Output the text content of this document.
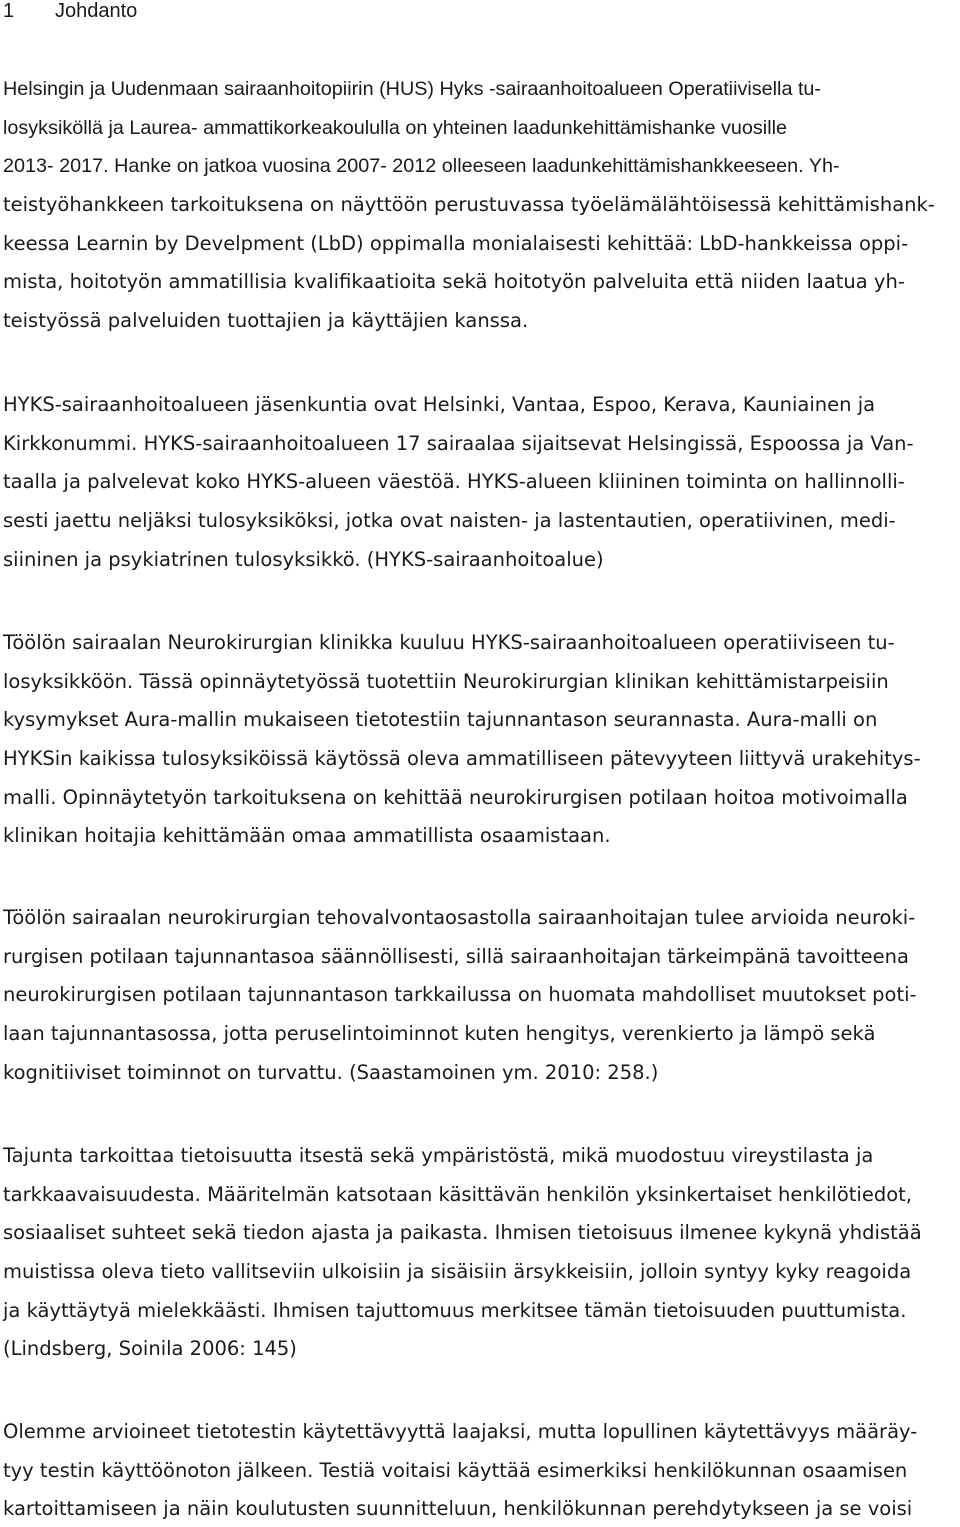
1 Johdanto
Helsingin ja Uudenmaan sairaanhoitopiirin (HUS) Hyks -sairaanhoitoalueen Operatiivisella tu-
losyksiköllä ja Laurea- ammattikorkeakoululla on yhteinen laadunkehittämishanke vuosille
2013- 2017. Hanke on jatkoa vuosina 2007- 2012 olleeseen laadunkehittämishankkeeseen. Yh-
teistyöhankkeen tarkoituksena on näyttöön perustuvassa työelämälähtöisessä kehittämishank-
keessa Learnin by Develpment (LbD) oppimalla monialaisesti kehittää: LbD-hankkeissa oppi-
mista, hoitotyön ammatillisia kvalifikaatioita sekä hoitotyön palveluita että niiden laatua yh-
teistyössä palveluiden tuottajien ja käyttäjien kanssa.
HYKS-sairaanhoitoalueen jäsenkuntia ovat Helsinki, Vantaa, Espoo, Kerava, Kauniainen ja
Kirkkonummi. HYKS-sairaanhoitoalueen 17 sairaalaa sijaitsevat Helsingissä, Espoossa ja Van-
taalla ja palvelevat koko HYKS-alueen väestöä. HYKS-alueen kliininen toiminta on hallinnolli-
sesti jaettu neljäksi tulosyksiköksi, jotka ovat naisten- ja lastentautien, operatiivinen, medi-
siininen ja psykiatrinen tulosyksikkö. (HYKS-sairaanhoitoalue)
Töölön sairaalan Neurokirurgian klinikka kuuluu HYKS-sairaanhoitoalueen operatiiviseen tu-
losyksikköön. Tässä opinnäytetyössä tuotettiin Neurokirurgian klinikan kehittämistarpeisiin
kysymykset Aura-mallin mukaiseen tietotestiin tajunnantason seurannasta. Aura-malli on
HYKSin kaikissa tulosyksiköissä käytössä oleva ammatilliseen pätevyyteen liittyvä urakehitys-
malli. Opinnäytetyön tarkoituksena on kehittää neurokirurgisen potilaan hoitoa motivoimalla
klinikan hoitajia kehittämään omaa ammatillista osaamistaan.
Töölön sairaalan neurokirurgian tehovalvontaosastolla sairaanhoitajan tulee arvioida neuroki-
rurgisen potilaan tajunnantasoa säännöllisesti, sillä sairaanhoitajan tärkeimpänä tavoitteena
neurokirurgisen potilaan tajunnantason tarkkailussa on huomata mahdolliset muutokset poti-
laan tajunnantasossa, jotta peruselintoiminnot kuten hengitys, verenkierto ja lämpö sekä
kognitiiviset toiminnot on turvattu. (Saastamoinen ym. 2010: 258.)
Tajunta tarkoittaa tietoisuutta itsestä sekä ympäristöstä, mikä muodostuu vireystilasta ja
tarkkaavaisuudesta. Määritelmän katsotaan käsittävän henkilön yksinkertaiset henkilötiedot,
sosiaaliset suhteet sekä tiedon ajasta ja paikasta. Ihmisen tietoisuus ilmenee kykynä yhdistää
muistissa oleva tieto vallitseviin ulkoisiin ja sisäisiin ärsykkeisiin, jolloin syntyy kyky reagoida
ja käyttäytyä mielekkäästi. Ihmisen tajuttomuus merkitsee tämän tietoisuuden puuttumista.
(Lindsberg, Soinila 2006: 145)
Olemme arvioineet tietotestin käytettävyyttä laajaksi, mutta lopullinen käytettävyys määräy-
tyy testin käyttöönoton jälkeen. Testiä voitaisi käyttää esimerkiksi henkilökunnan osaamisen
kartoittamiseen ja näin koulutusten suunnitteluun, henkilökunnan perehdytykseen ja se voisi
